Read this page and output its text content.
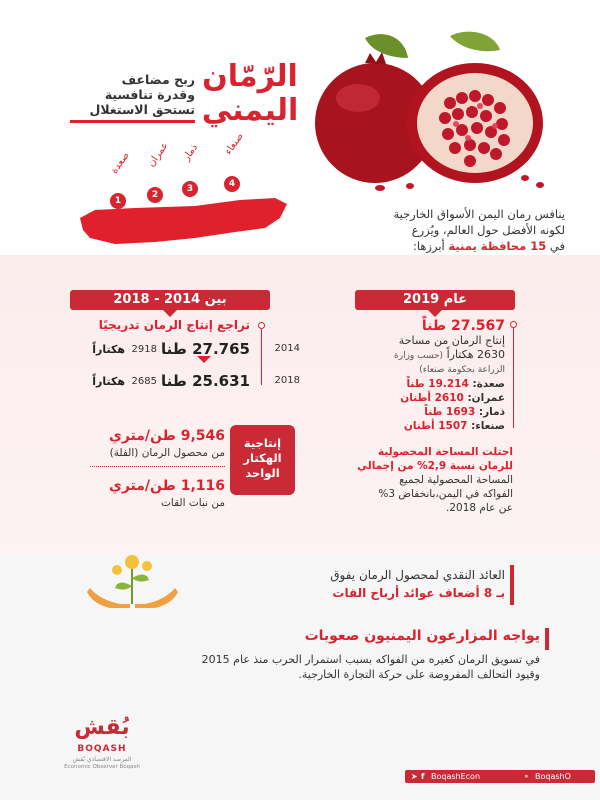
الرّمّان
اليمني
ربح مضاعف
وقدرة تنافسية
تستحق الاستغلال
1
2
3	4
صعدة عمران ذمار صنعاء
ينافس رمان اليمن الأسواق الخارجية
لكونه الأفضل حول العالم، ويُزرع
في 15 محافظة يمنية أبرزها:
عام 2019
27.567 طناً
إنتاج الرمان من مساحة
2630 هكتاراً (حسب وزارة
الزراعة بحكومة صنعاء)
صعدة: 19.214 طناً
عمران: 2610 أطنان
ذمار: 1693 طناً
صنعاء: 1507 أطنان
احتلت المساحة المحصولية
للرمان نسبة 2,9% من إجمالي
المساحة المحصولية لجميع
الفواكه في اليمن،بانخفاض 3%
عن عام 2018.
بين 2014 - 2018
تراجع إنتاج الرمان تدريجيًا
2014
27.765 طنا
2918
هكتاراً
2018
25.631 طنا
2685
هكتاراً
إنتاجية
الهكتار
الواحد
9,546 طن/متري
من محصول الرمان (الفلة)
1,116 طن/متري
من نبات القات
العائد النقدي لمحصول الرمان يفوق
بـ 8 أضعاف عوائد أرباح القات
يواجه المزارعون اليمنيون صعوبات
في تسويق الرمان كغيره من الفواكه بسبب استمرار الحرب منذ عام 2015
وقيود التحالف المفروضة على حركة التجارة الخارجية.
بُقش
BOQASH
المرصد الاقتصادي بُقش
Economic Observer Boqash
➤ f BoqashEcon	⚬ BoqashO
